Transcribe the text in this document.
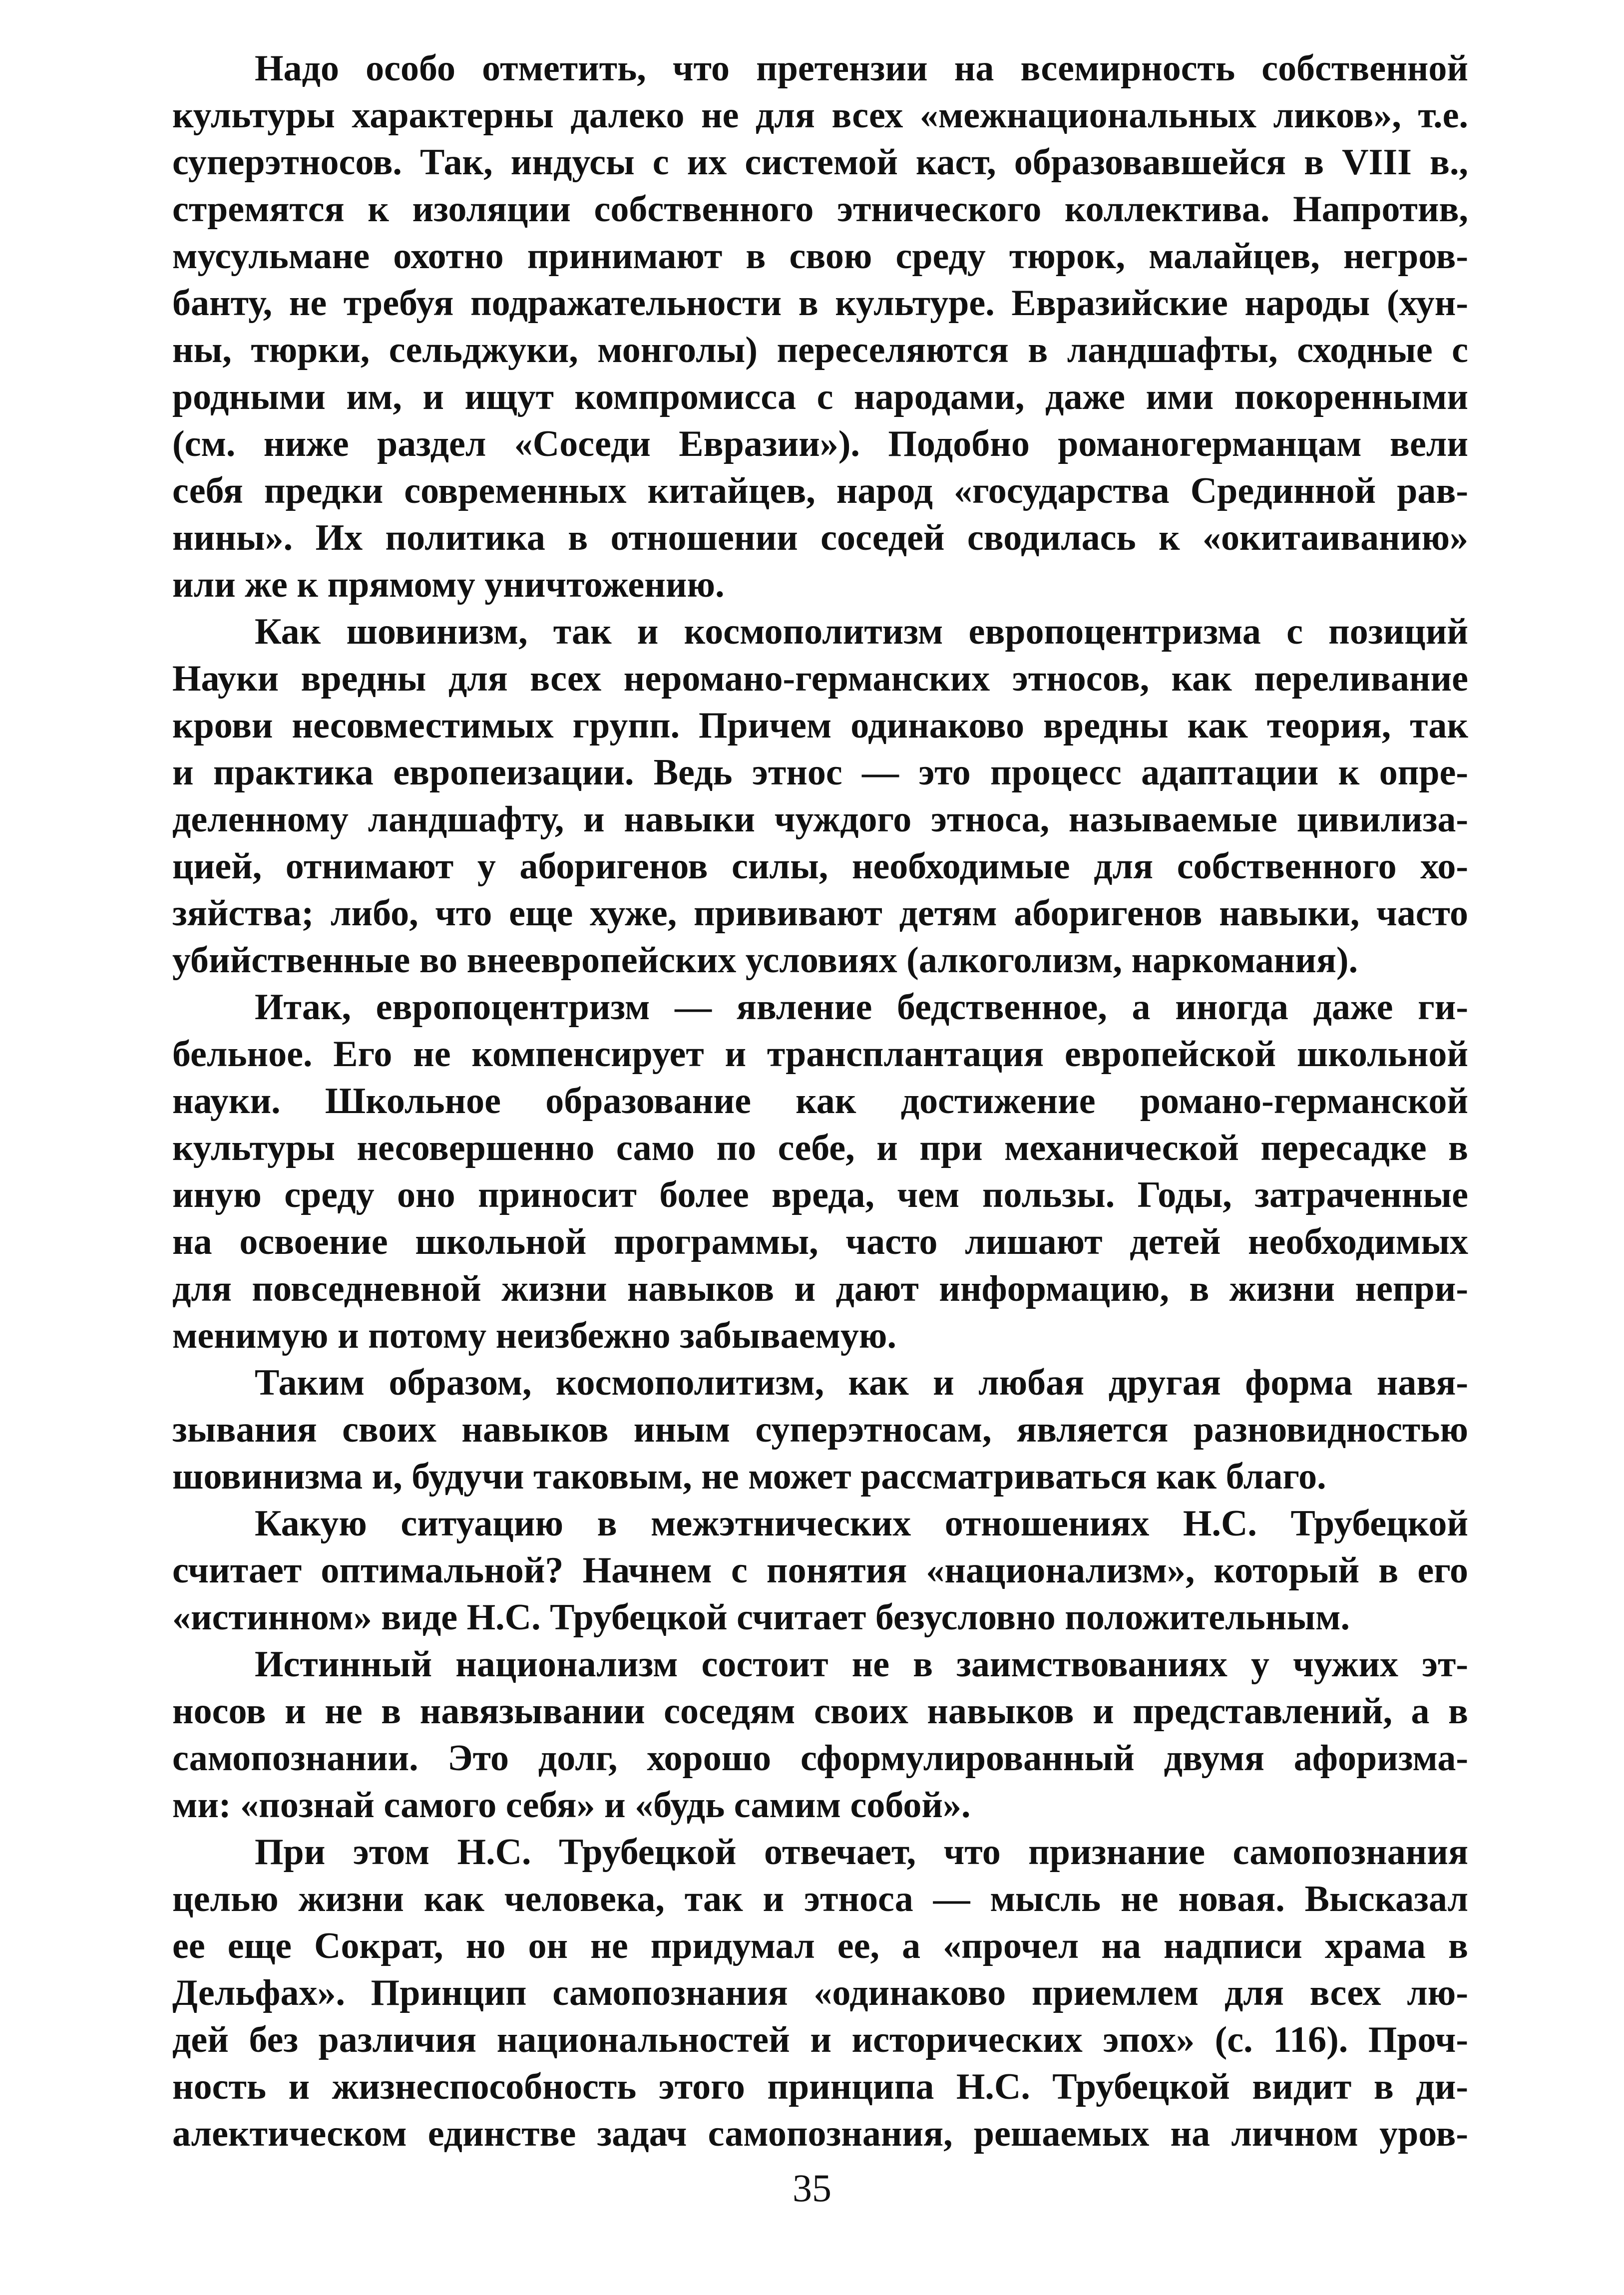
Надо особо отметить, что претензии на всемирность собственной
культуры характерны далеко не для всех «межнациональных ликов», т.е.
суперэтносов. Так, индусы с их системой каст, образовавшейся в VIII в.,
стремятся к изоляции собственного этнического коллектива. Напротив,
мусульмане охотно принимают в свою среду тюрок, малайцев, негров-
банту, не требуя подражательности в культуре. Евразийские народы (хун-
ны, тюрки, сельджуки, монголы) переселяются в ландшафты, сходные с
родными им, и ищут компромисса с народами, даже ими покоренными
(см. ниже раздел «Соседи Евразии»). Подобно романогерманцам вели
себя предки современных китайцев, народ «государства Срединной рав-
нины». Их политика в отношении соседей сводилась к «окитаиванию»
или же к прямому уничтожению.
Как шовинизм, так и космополитизм европоцентризма с позиций
Науки вредны для всех нероманo-германских этносов, как переливание
крови несовместимых групп. Причем одинаково вредны как теория, так
и практика европеизации. Ведь этнос — это процесс адаптации к опре-
деленному ландшафту, и навыки чуждого этноса, называемые цивилиза-
цией, отнимают у аборигенов силы, необходимые для собственного хо-
зяйства; либо, что еще хуже, прививают детям аборигенов навыки, часто
убийственные во внеевропейских условиях (алкоголизм, наркомания).
Итак, европоцентризм — явление бедственное, а иногда даже ги-
бельное. Его не компенсирует и трансплантация европейской школьной
науки. Школьное образование как достижение романо-германской
культуры несовершенно само по себе, и при механической пересадке в
иную среду оно приносит более вреда, чем пользы. Годы, затраченные
на освоение школьной программы, часто лишают детей необходимых
для повседневной жизни навыков и дают информацию, в жизни непри-
менимую и потому неизбежно забываемую.
Таким образом, космополитизм, как и любая другая форма навя-
зывания своих навыков иным суперэтносам, является разновидностью
шовинизма и, будучи таковым, не может рассматриваться как благо.
Какую ситуацию в межэтнических отношениях Н.С. Трубецкой
считает оптимальной? Начнем с понятия «национализм», который в его
«истинном» виде Н.С. Трубецкой считает безусловно положительным.
Истинный национализм состоит не в заимствованиях у чужих эт-
носов и не в навязывании соседям своих навыков и представлений, а в
самопознании. Это долг, хорошо сформулированный двумя афоризма-
ми: «познай самого себя» и «будь самим собой».
При этом Н.С. Трубецкой отвечает, что признание самопознания
целью жизни как человека, так и этноса — мысль не новая. Высказал
ее еще Сократ, но он не придумал ее, а «прочел на надписи храма в
Дельфах». Принцип самопознания «одинаково приемлем для всех лю-
дей без различия национальностей и исторических эпох» (с. 116). Проч-
ность и жизнеспособность этого принципа Н.С. Трубецкой видит в ди-
алектическом единстве задач самопознания, решаемых на личном уров-
35
